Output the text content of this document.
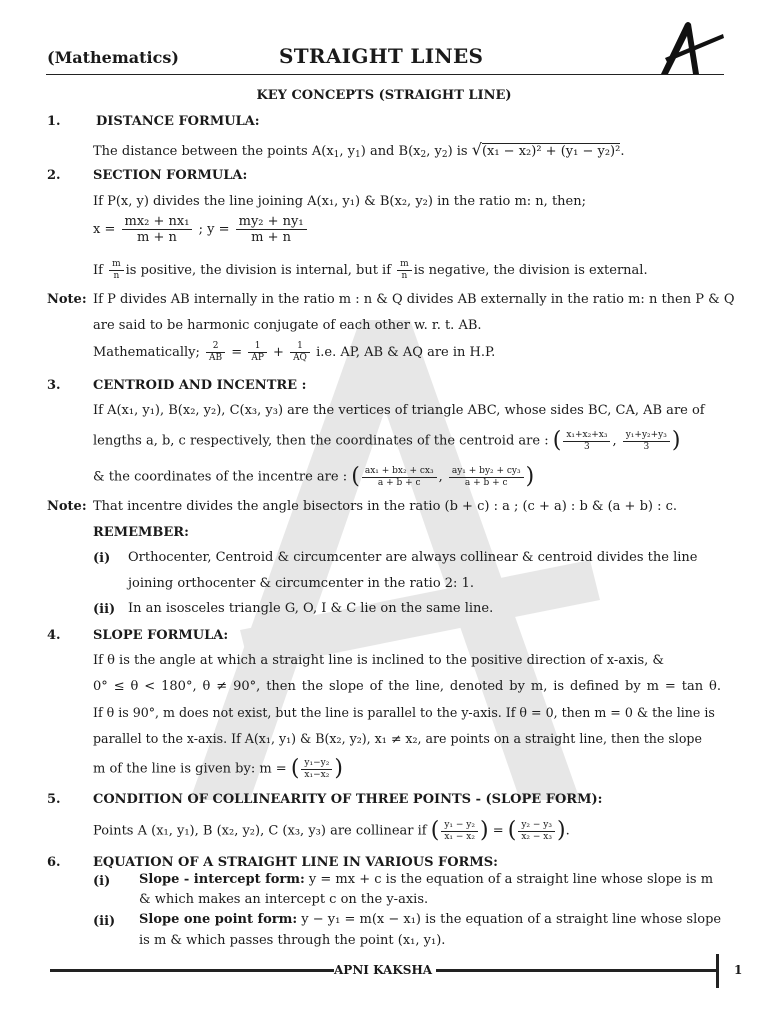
(Mathematics)	STRAIGHT LINES
KEY CONCEPTS (STRAIGHT LINE)
1.	DISTANCE FORMULA:
The distance between the points $A(x_1$, $y_1$) and $B(x_2$, $y_2$) is √(x₁ − x₂)² + (y₁ − y₂)².
2. SECTION FORMULA:
If P(x, y) divides the line joining A(x₁, y₁) & B(x₂, y₂) in the ratio m: n, then;
$x = \frac{\text{mx₂ + nx₁}}{m + n}$ ; $y = \frac{\text{my₂ + ny₁}}{m + n}$
If $\frac{m}{n}$ is positive, the division is internal, but if $\frac{m}{n}$ is negative, the division is external.
Note: If P divides AB internally in the ratio m : n & Q divides AB externally in the ratio m: n then P & Q
are said to be harmonic conjugate of each other w. r. t. AB.
Mathematically; $\frac{2}{AB} = \frac{1}{AP} + \frac{1}{AQ} i.e$. AP, AB & AQ are in H.P.
3. CENTROID AND INCENTRE :
If A(x₁, y₁), B(x₂, y₂), C(x₃, y₃) are the vertices of triangle ABC, whose sides BC, CA, AB are of
lengths a, b, c respectively, then the coordinates of the centroid are : ( $\frac{\text{x₁+x₂+x₃}}{3}$ , $\frac{\text{y₁+y₂+y₃}}{3}$ )
& the coordinates of the incentre are : ( $\frac{\text{ax₁ + bx₂ + cx₃}}{a + b + c}$ , $\frac{\text{ay₁ + by₂ + cy₃}}{a + b + c}$ )
Note: That incentre divides the angle bisectors in the ratio (b + c) : a ; (c + a) : b & (a + b) : c.
REMEMBER:
(i) Orthocenter, Centroid & circumcenter are always collinear & centroid divides the line
joining orthocenter & circumcenter in the ratio 2: 1.
(ii) In an isosceles triangle G, O, I & C lie on the same line.
4. SLOPE FORMULA:
If θ is the angle at which a straight line is inclined to the positive direction of x-axis, &
0° ≤ θ < 180°, θ ≠ 90°, then the slope of the line, denoted by m, is defined by m = tan θ.
If θ is 90°, m does not exist, but the line is parallel to the y-axis. If θ = 0, then m = 0 & the line is
parallel to the x-axis. If A(x₁, y₁) & B(x₂, y₂), x₁ ≠ x₂, are points on a straight line, then the slope
m of the line is given by: m = ( $\frac{\text{y₁−y₂}}{\text{x₁−x₂}}$ )
5. CONDITION OF COLLINEARITY OF THREE POINTS - (SLOPE FORM):
Points A (x₁, y₁), B (x₂, y₂), C (x₃, y₃) are collinear if ( $\frac{\text{y₁ − y₂}}{\text{x₁ − x₂}}$ ) = ( $\frac{\text{y₂ − y₃}}{\text{x₂ − x₃}}$ ).
6. EQUATION OF A STRAIGHT LINE IN VARIOUS FORMS:
(i) Slope - intercept form: y = mx + c is the equation of a straight line whose slope is m
& which makes an intercept c on the y-axis.
(ii) Slope one point form: y − y₁ = m(x − x₁) is the equation of a straight line whose slope
is m & which passes through the point (x₁, y₁).
APNI KAKSHA	1
